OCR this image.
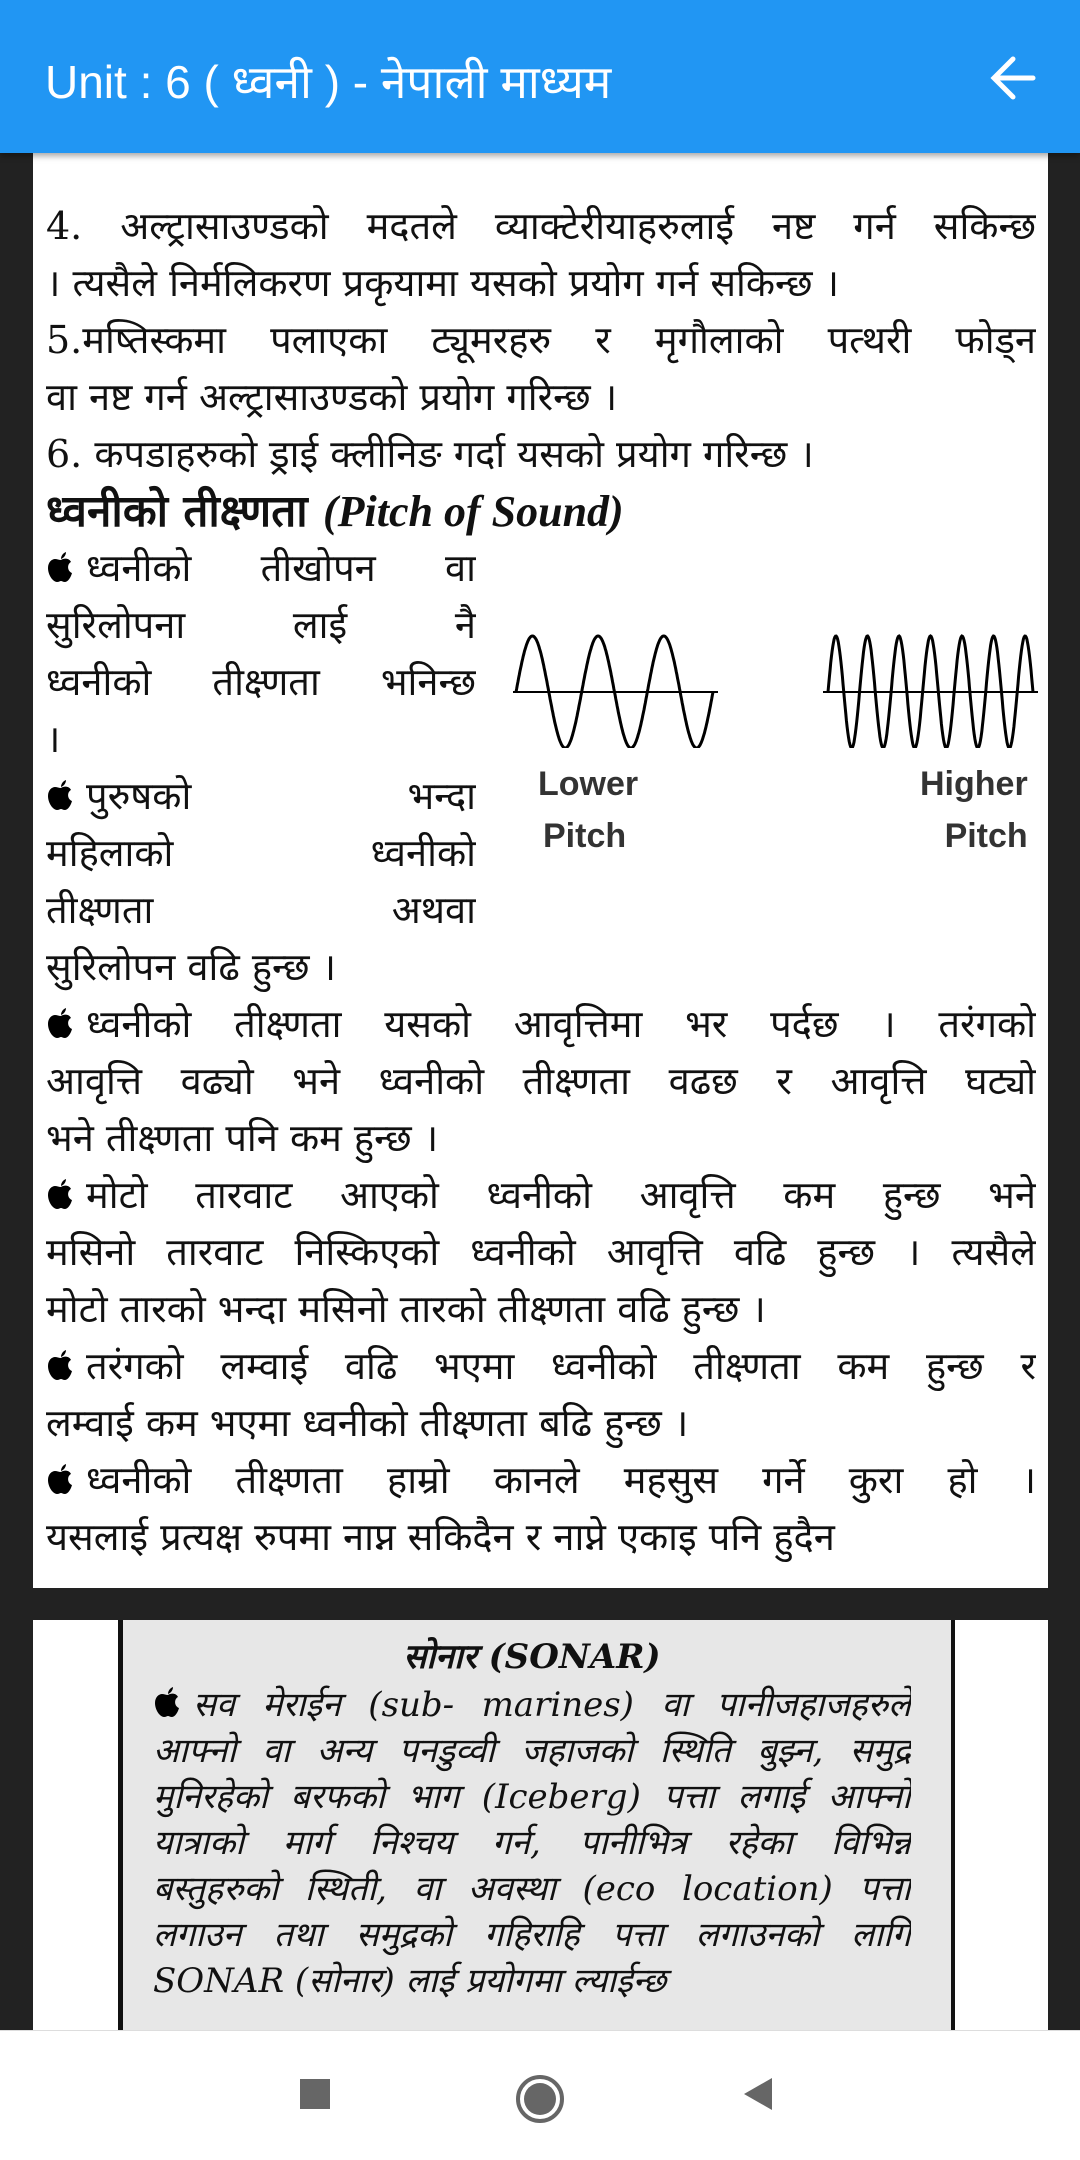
Unit : 6 ( ध्वनी ) - नेपाली माध्यम
4. अल्ट्रासाउण्डको मदतले व्याक्टेरीयाहरुलाई नष्ट गर्न सकिन्छ
। त्यसैले निर्मलिकरण प्रकृयामा यसको प्रयोग गर्न सकिन्छ ।
5.मष्तिस्कमा पलाएका ट्यूमरहरु र मृगौलाको पत्थरी फोड्न
वा नष्ट गर्न अल्ट्रासाउण्डको प्रयोग गरिन्छ ।
6. कपडाहरुको ड्राई क्लीनिङ गर्दा यसको प्रयोग गरिन्छ ।
ध्वनीको तीक्ष्णता (Pitch of Sound)
ध्वनीको तीखोपन वा
सुरिलोपना लाई नै
ध्वनीको तीक्ष्णता भनिन्छ
।
पुरुषको भन्दा
महिलाको ध्वनीको
तीक्ष्णता अथवा
सुरिलोपन वढि हुन्छ ।
ध्वनीको तीक्ष्णता यसको आवृत्तिमा भर पर्दछ । तरंगको
आवृत्ति वढ्यो भने ध्वनीको तीक्ष्णता वढछ र आवृत्ति घट्यो
भने तीक्ष्णता पनि कम हुन्छ ।
मोटो तारवाट आएको ध्वनीको आवृत्ति कम हुन्छ भने
मसिनो तारवाट निस्किएको ध्वनीको आवृत्ति वढि हुन्छ । त्यसैले
मोटो तारको भन्दा मसिनो तारको तीक्ष्णता वढि हुन्छ ।
तरंगको लम्वाई वढि भएमा ध्वनीको तीक्ष्णता कम हुन्छ र
लम्वाई कम भएमा ध्वनीको तीक्ष्णता बढि हुन्छ ।
ध्वनीको तीक्ष्णता हाम्रो कानले महसुस गर्ने कुरा हो ।
यसलाई प्रत्यक्ष रुपमा नाप्न सकिदैन र नाप्ने एकाइ पनि हुदैन
Lower
Pitch
Higher
Pitch
सोनार (SONAR)
सव मेराईन (sub- marines) वा पानीजहाजहरुले
आफ्नो वा अन्य पनडुव्वी जहाजको स्थिति बुझ्न, समुद्र
मुनिरहेको बरफको भाग (Iceberg) पत्ता लगाई आफ्नो
यात्राको मार्ग निश्चय गर्न, पानीभित्र रहेका विभिन्न
बस्तुहरुको स्थिती, वा अवस्था (eco location) पत्ता
लगाउन तथा समुद्रको गहिराहि पत्ता लगाउनको लागि
SONAR (सोनार) लाई प्रयोगमा ल्याईन्छ
